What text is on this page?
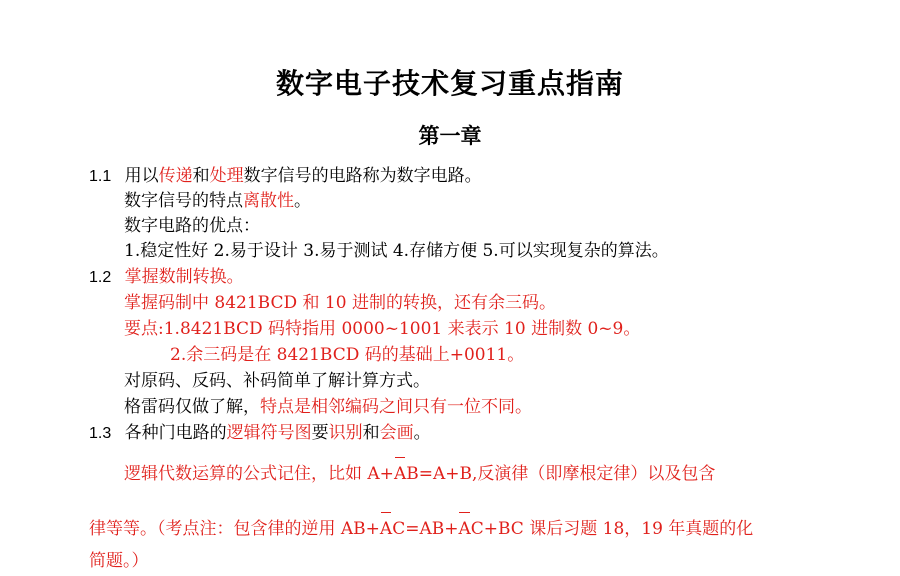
数字电子技术复习重点指南
第一章
1.1 用以传递和处理数字信号的电路称为数字电路。
数字信号的特点离散性。
数字电路的优点：
1.稳定性好 2.易于设计 3.易于测试 4.存储方便 5.可以实现复杂的算法。
1.2 掌握数制转换。
掌握码制中 8421BCD 和 10 进制的转换，还有余三码。
要点:1.8421BCD 码特指用 0000~1001 来表示 10 进制数 0~9。
2.余三码是在 8421BCD 码的基础上+0011。
对原码、反码、补码简单了解计算方式。
格雷码仅做了解，特点是相邻编码之间只有一位不同。
1.3 各种门电路的逻辑符号图要识别和会画。
逻辑代数运算的公式记住，比如 A+AB=A+B,反演律（即摩根定律）以及包含
律等等。（考点注：包含律的逆用 AB+AC=AB+AC+BC 课后习题 18，19 年真题的化
简题。）
